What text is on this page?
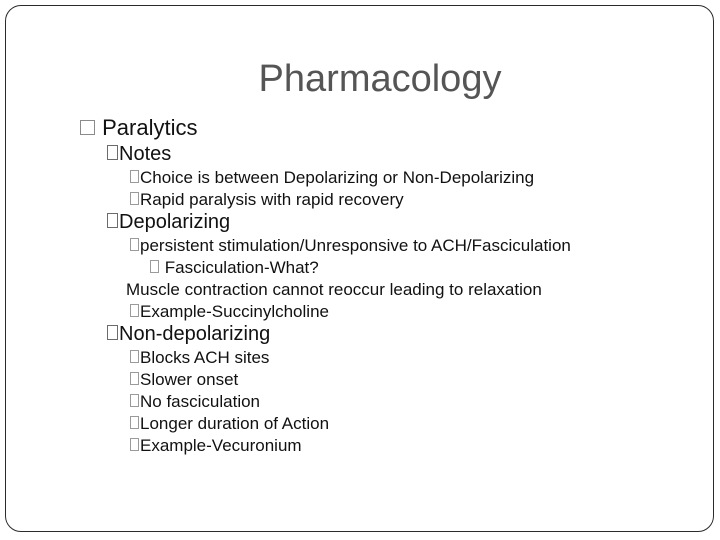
Pharmacology
Paralytics
Notes
Choice is between Depolarizing or Non-Depolarizing
Rapid paralysis with rapid recovery
Depolarizing
persistent stimulation/Unresponsive to ACH/Fasciculation
Fasciculation-What?
Muscle contraction cannot reoccur leading to relaxation
Example-Succinylcholine
Non-depolarizing
Blocks ACH sites
Slower onset
No fasciculation
Longer duration of Action
Example-Vecuronium
